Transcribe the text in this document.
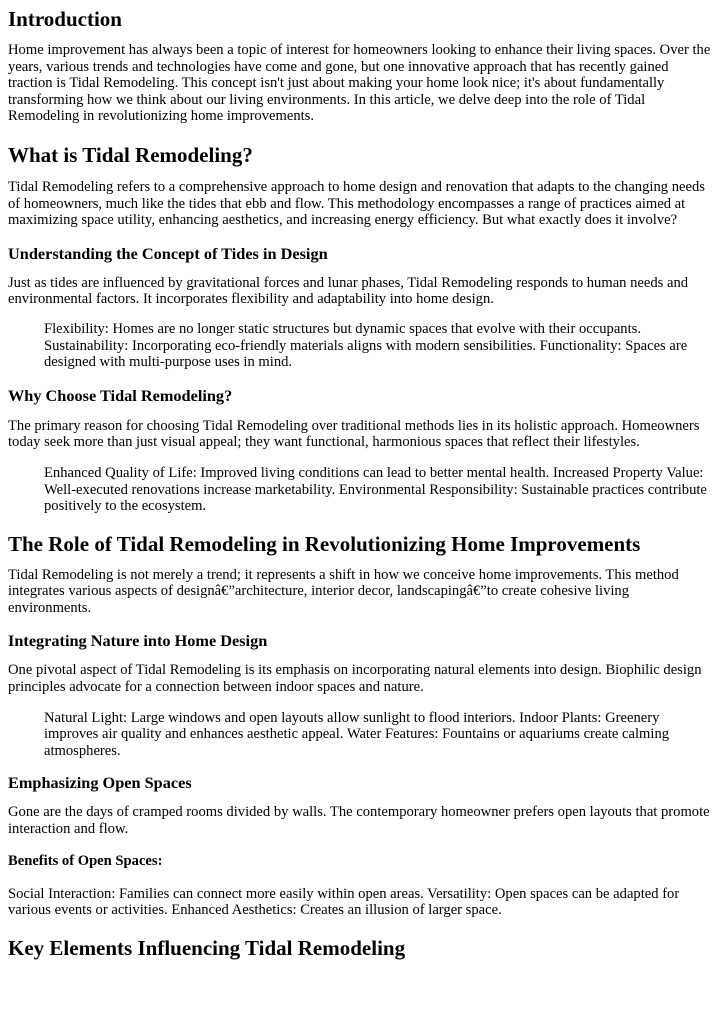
Introduction

Home improvement has always been a topic of interest for homeowners looking to enhance their living spaces. Over the years, various trends and technologies have come and gone, but one innovative approach that has recently gained traction is Tidal Remodeling. This concept isn't just about making your home look nice; it's about fundamentally transforming how we think about our living environments. In this article, we delve deep into the role of Tidal Remodeling in revolutionizing home improvements.

What is Tidal Remodeling?

Tidal Remodeling refers to a comprehensive approach to home design and renovation that adapts to the changing needs of homeowners, much like the tides that ebb and flow. This methodology encompasses a range of practices aimed at maximizing space utility, enhancing aesthetics, and increasing energy efficiency. But what exactly does it involve?

Understanding the Concept of Tides in Design

Just as tides are influenced by gravitational forces and lunar phases, Tidal Remodeling responds to human needs and environmental factors. It incorporates flexibility and adaptability into home design.

Flexibility: Homes are no longer static structures but dynamic spaces that evolve with their occupants. Sustainability: Incorporating eco-friendly materials aligns with modern sensibilities. Functionality: Spaces are designed with multi-purpose uses in mind.
Why Choose Tidal Remodeling?

The primary reason for choosing Tidal Remodeling over traditional methods lies in its holistic approach. Homeowners today seek more than just visual appeal; they want functional, harmonious spaces that reflect their lifestyles.

Enhanced Quality of Life: Improved living conditions can lead to better mental health. Increased Property Value: Well-executed renovations increase marketability. Environmental Responsibility: Sustainable practices contribute positively to the ecosystem.
The Role of Tidal Remodeling in Revolutionizing Home Improvements

Tidal Remodeling is not merely a trend; it represents a shift in how we conceive home improvements. This method integrates various aspects of designâ€”architecture, interior decor, landscapingâ€”to create cohesive living environments.

Integrating Nature into Home Design

One pivotal aspect of Tidal Remodeling is its emphasis on incorporating natural elements into design. Biophilic design principles advocate for a connection between indoor spaces and nature.

Natural Light: Large windows and open layouts allow sunlight to flood interiors. Indoor Plants: Greenery improves air quality and enhances aesthetic appeal. Water Features: Fountains or aquariums create calming atmospheres.
Emphasizing Open Spaces

Gone are the days of cramped rooms divided by walls. The contemporary homeowner prefers open layouts that promote interaction and flow.

Benefits of Open Spaces:

Social Interaction: Families can connect more easily within open areas. Versatility: Open spaces can be adapted for various events or activities. Enhanced Aesthetics: Creates an illusion of larger space.

Key Elements Influencing Tidal Remodeling
